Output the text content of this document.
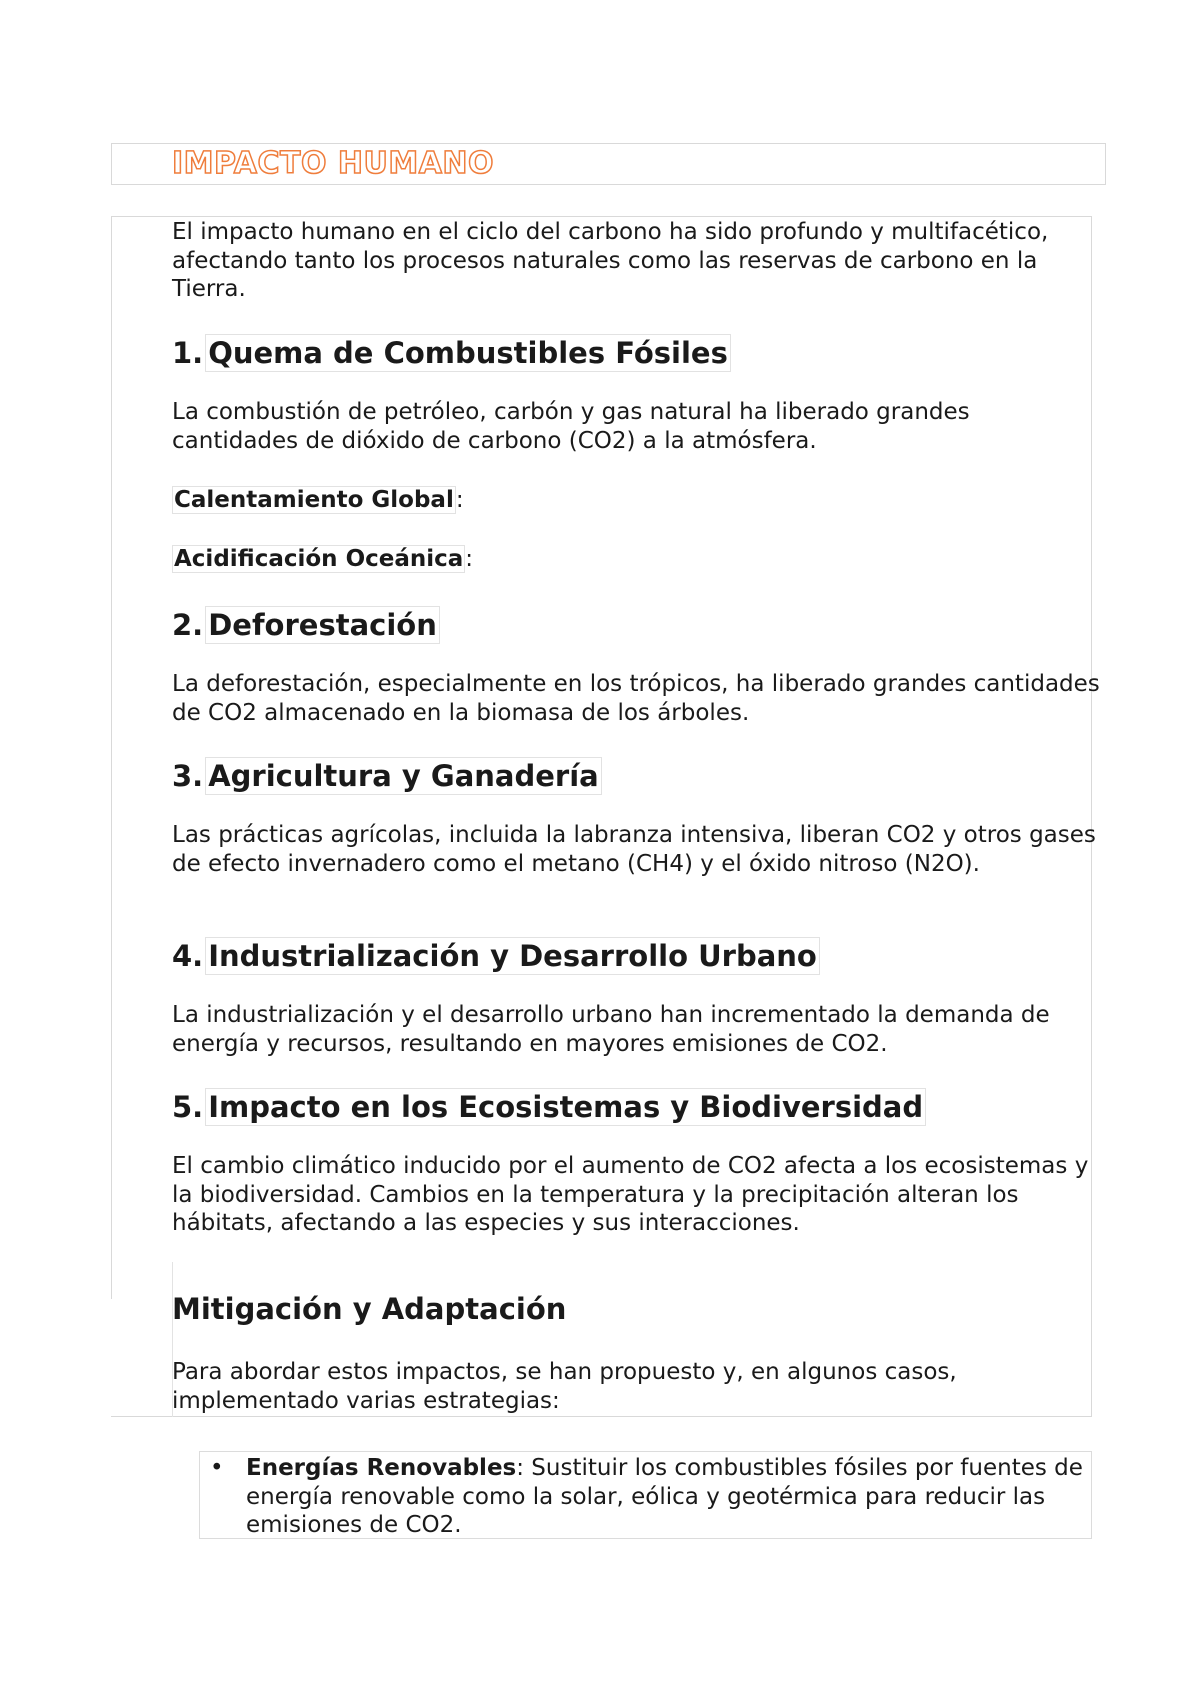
IMPACTO HUMANO

El impacto humano en el ciclo del carbono ha sido profundo y multifacético, afectando tanto los procesos naturales como las reservas de carbono en la Tierra.

1. Quema de Combustibles Fósiles

La combustión de petróleo, carbón y gas natural ha liberado grandes cantidades de dióxido de carbono (CO2) a la atmósfera.

Calentamiento Global:

Acidificación Oceánica:

2. Deforestación

La deforestación, especialmente en los trópicos, ha liberado grandes cantidades de CO2 almacenado en la biomasa de los árboles.

3. Agricultura y Ganadería

Las prácticas agrícolas, incluida la labranza intensiva, liberan CO2 y otros gases de efecto invernadero como el metano (CH4) y el óxido nitroso (N2O).

4. Industrialización y Desarrollo Urbano

La industrialización y el desarrollo urbano han incrementado la demanda de energía y recursos, resultando en mayores emisiones de CO2.

5. Impacto en los Ecosistemas y Biodiversidad

El cambio climático inducido por el aumento de CO2 afecta a los ecosistemas y la biodiversidad. Cambios en la temperatura y la precipitación alteran los hábitats, afectando a las especies y sus interacciones.

Mitigación y Adaptación

Para abordar estos impactos, se han propuesto y, en algunos casos, implementado varias estrategias:

• Energías Renovables: Sustituir los combustibles fósiles por fuentes de energía renovable como la solar, eólica y geotérmica para reducir las emisiones de CO2.
